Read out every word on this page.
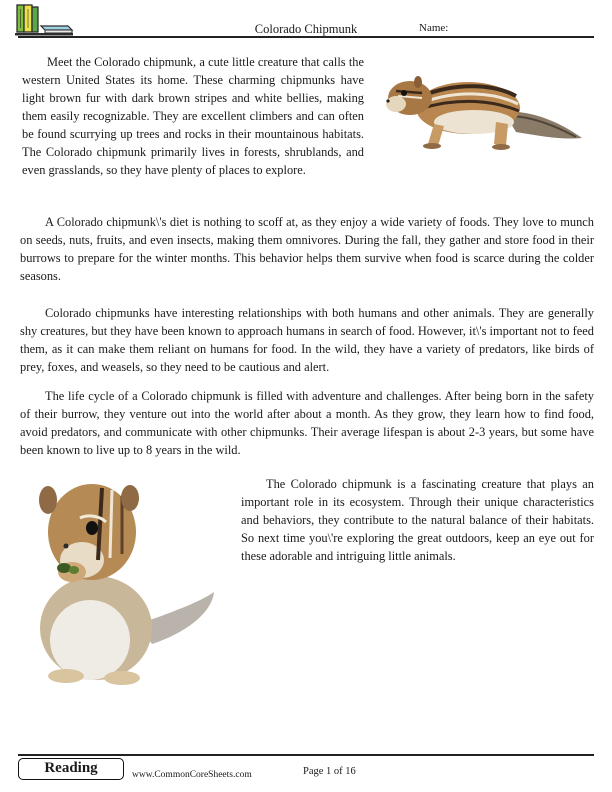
Colorado Chipmunk	Name:

Meet the Colorado chipmunk, a cute little creature that calls the western United States its home. These charming chipmunks have light brown fur with dark brown stripes and white bellies, making them easily recognizable. They are excellent climbers and can often be found scurrying up trees and rocks in their mountainous habitats. The Colorado chipmunk primarily lives in forests, shrublands, and even grasslands, so they have plenty of places to explore.

A Colorado chipmunk\'s diet is nothing to scoff at, as they enjoy a wide variety of foods. They love to munch on seeds, nuts, fruits, and even insects, making them omnivores. During the fall, they gather and store food in their burrows to prepare for the winter months. This behavior helps them survive when food is scarce during the colder seasons.

Colorado chipmunks have interesting relationships with both humans and other animals. They are generally shy creatures, but they have been known to approach humans in search of food. However, it\'s important not to feed them, as it can make them reliant on humans for food. In the wild, they have a variety of predators, like birds of prey, foxes, and weasels, so they need to be cautious and alert.

The life cycle of a Colorado chipmunk is filled with adventure and challenges. After being born in the safety of their burrow, they venture out into the world after about a month. As they grow, they learn how to find food, avoid predators, and communicate with other chipmunks. Their average lifespan is about 2-3 years, but some have been known to live up to 8 years in the wild.

The Colorado chipmunk is a fascinating creature that plays an important role in its ecosystem. Through their unique characteristics and behaviors, they contribute to the natural balance of their habitats. So next time you\'re exploring the great outdoors, keep an eye out for these adorable and intriguing little animals.

Reading	www.CommonCoreSheets.com	Page 1 of 16
